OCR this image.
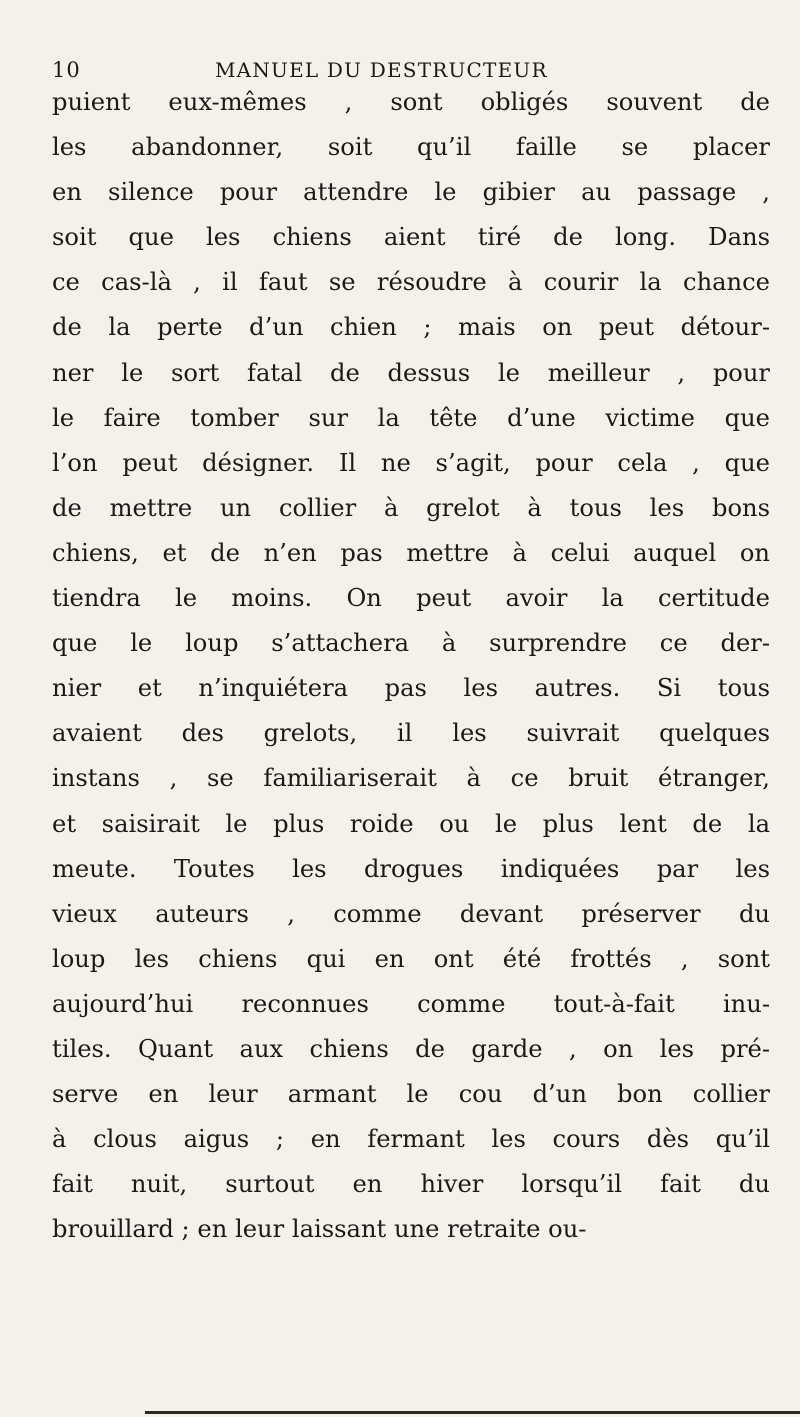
10	MANUEL DU DESTRUCTEUR
puient eux-mêmes , sont obligés souvent de
les abandonner, soit qu’il faille se placer
en silence pour attendre le gibier au passage ,
soit que les chiens aient tiré de long. Dans
ce cas-là , il faut se résoudre à courir la chance
de la perte d’un chien ; mais on peut détour-
ner le sort fatal de dessus le meilleur , pour
le faire tomber sur la tête d’une victime que
l’on peut désigner. Il ne s’agit, pour cela , que
de mettre un collier à grelot à tous les bons
chiens, et de n’en pas mettre à celui auquel on
tiendra le moins. On peut avoir la certitude
que le loup s’attachera à surprendre ce der-
nier et n’inquiétera pas les autres. Si tous
avaient des grelots, il les suivrait quelques
instans , se familiariserait à ce bruit étranger,
et saisirait le plus roide ou le plus lent de la
meute. Toutes les drogues indiquées par les
vieux auteurs , comme devant préserver du
loup les chiens qui en ont été frottés , sont
aujourd’hui reconnues comme tout-à-fait inu-
tiles. Quant aux chiens de garde , on les pré-
serve en leur armant le cou d’un bon collier
à clous aigus ; en fermant les cours dès qu’il
fait nuit, surtout en hiver lorsqu’il fait du
brouillard ; en leur laissant une retraite ou-
